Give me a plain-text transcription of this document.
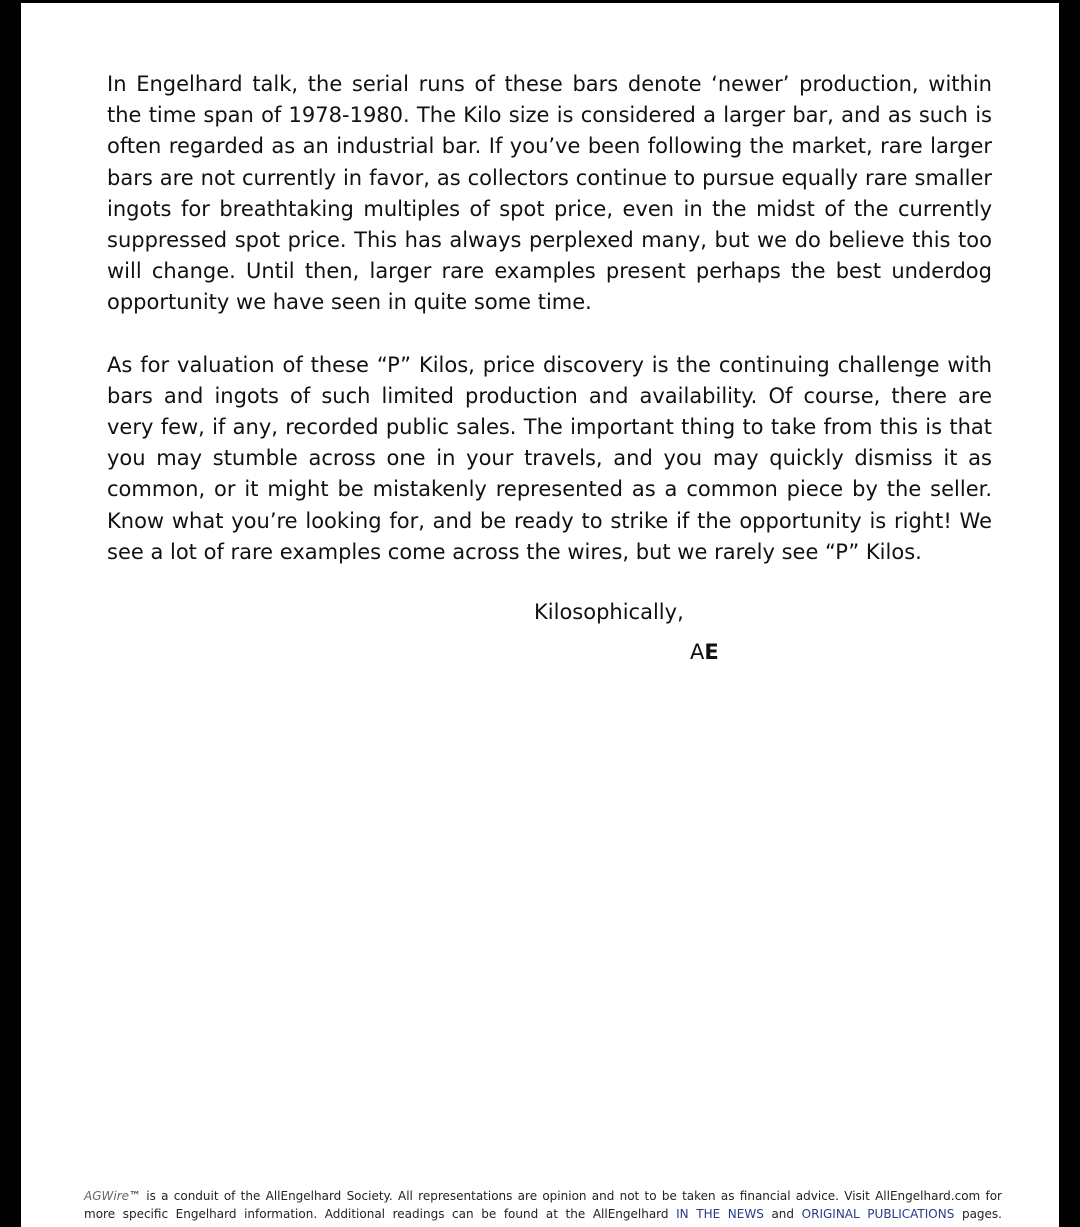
In Engelhard talk, the serial runs of these bars denote ‘newer’ production, within the time span of 1978-1980. The Kilo size is considered a larger bar, and as such is often regarded as an industrial bar. If you’ve been following the market, rare larger bars are not currently in favor, as collectors continue to pursue equally rare smaller ingots for breathtaking multiples of spot price, even in the midst of the currently suppressed spot price. This has always perplexed many, but we do believe this too will change. Until then, larger rare examples present perhaps the best underdog opportunity we have seen in quite some time.

As for valuation of these “P” Kilos, price discovery is the continuing challenge with bars and ingots of such limited production and availability. Of course, there are very few, if any, recorded public sales. The important thing to take from this is that you may stumble across one in your travels, and you may quickly dismiss it as common, or it might be mistakenly represented as a common piece by the seller. Know what you’re looking for, and be ready to strike if the opportunity is right! We see a lot of rare examples come across the wires, but we rarely see “P” Kilos.

Kilosophically,
AE
AGWire™ is a conduit of the AllEngelhard Society. All representations are opinion and not to be taken as financial advice. Visit AllEngelhard.com for
more specific Engelhard information. Additional readings can be found at the AllEngelhard IN THE NEWS and ORIGINAL PUBLICATIONS pages.
